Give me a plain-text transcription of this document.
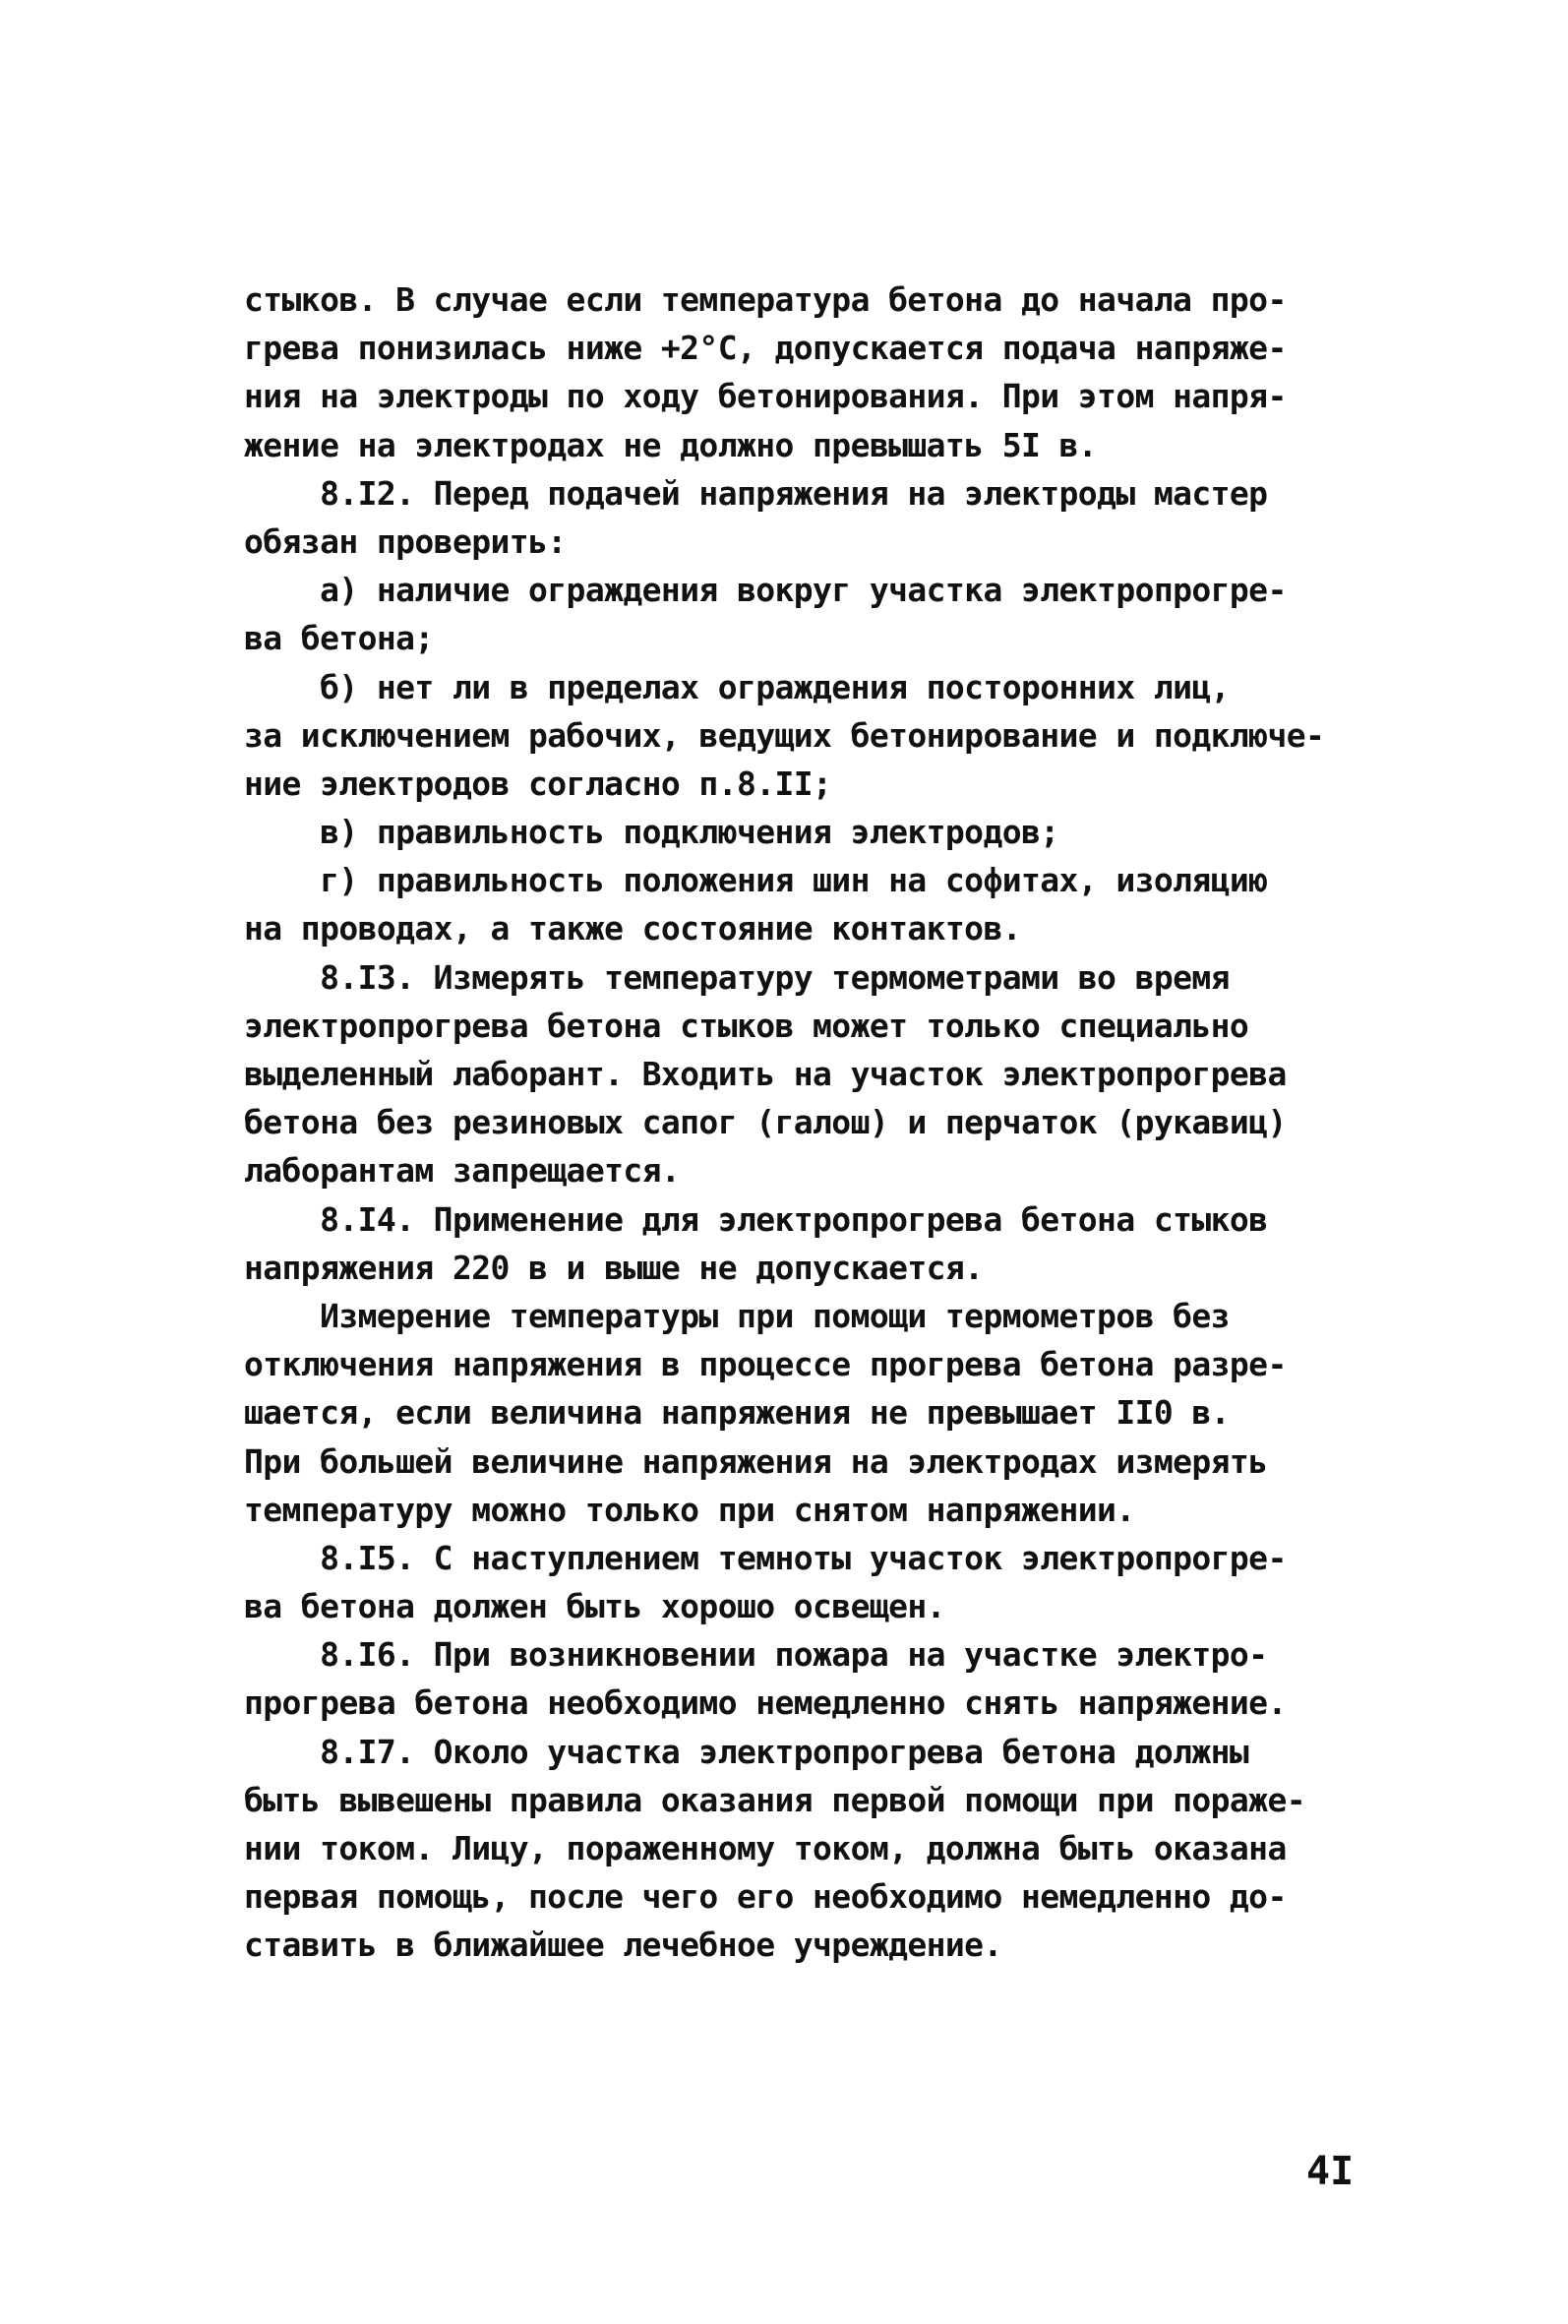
стыков. В случае если температура бетона до начала про-
грева понизилась ниже +2°С, допускается подача напряже-
ния на электроды по ходу бетонирования. При этом напря-
жение на электродах не должно превышать 5I в.
8.I2. Перед подачей напряжения на электроды мастер
обязан проверить:
а) наличие ограждения вокруг участка электропрогре-
ва бетона;
б) нет ли в пределах ограждения посторонних лиц,
за исключением рабочих, ведущих бетонирование и подключе-
ние электродов согласно п.8.II;
в) правильность подключения электродов;
г) правильность положения шин на софитах, изоляцию
на проводах, а также состояние контактов.
8.I3. Измерять температуру термометрами во время
электропрогрева бетона стыков может только специально
выделенный лаборант. Входить на участок электропрогрева
бетона без резиновых сапог (галош) и перчаток (рукавиц)
лаборантам запрещается.
8.I4. Применение для электропрогрева бетона стыков
напряжения 220 в и выше не допускается.
Измерение температуры при помощи термометров без
отключения напряжения в процессе прогрева бетона разре-
шается, если величина напряжения не превышает II0 в.
При большей величине напряжения на электродах измерять
температуру можно только при снятом напряжении.
8.I5. С наступлением темноты участок электропрогре-
ва бетона должен быть хорошо освещен.
8.I6. При возникновении пожара на участке электро-
прогрева бетона необходимо немедленно снять напряжение.
8.I7. Около участка электропрогрева бетона должны
быть вывешены правила оказания первой помощи при пораже-
нии током. Лицу, пораженному током, должна быть оказана
первая помощь, после чего его необходимо немедленно до-
ставить в ближайшее лечебное учреждение.
4I
